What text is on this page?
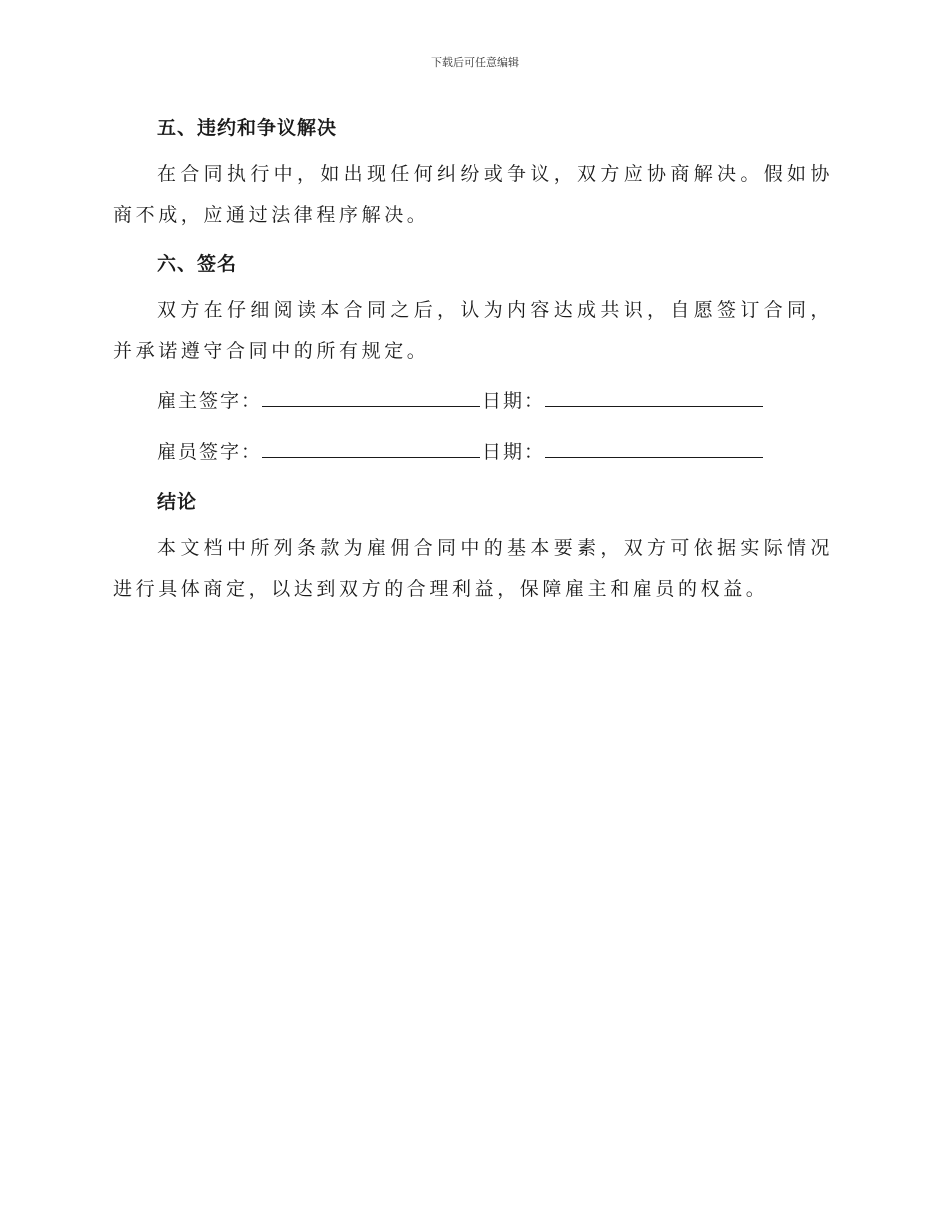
下载后可任意编辑
五、违约和争议解决

在合同执行中，如出现任何纠纷或争议，双方应协商解决。假如协商不成，应通过法律程序解决。

六、签名

双方在仔细阅读本合同之后，认为内容达成共识，自愿签订合同，并承诺遵守合同中的所有规定。

雇主签字：	日期：
雇员签字：	日期：
结论

本文档中所列条款为雇佣合同中的基本要素，双方可依据实际情况进行具体商定，以达到双方的合理利益，保障雇主和雇员的权益。
